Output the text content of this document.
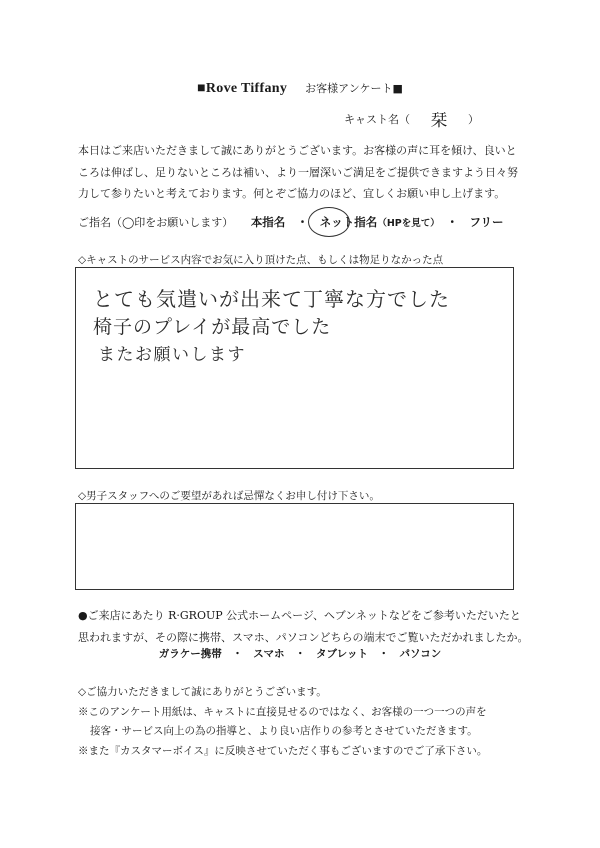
■Rove Tiffany お客様アンケート■
キャスト名（ 栞 ）
本日はご来店いただきまして誠にありがとうございます。お客様の声に耳を傾け、良いと
ころは伸ばし、足りないところは補い、より一層深いご満足をご提供できますよう日々努
力して参りたいと考えております。何とぞご協力のほど、宜しくお願い申し上げます。
ご指名（◯印をお願いします） 本指名　・　ネット指名（HPを見て）　 ・　フリー
◇キャストのサービス内容でお気に入り頂けた点、もしくは物足りなかった点
とても気遣いが出来て丁寧な方でした
椅子のプレイが最高でした
またお願いします
◇男子スタッフへのご要望があれば忌憚なくお申し付け下さい。
●ご来店にあたり R·GROUP 公式ホームページ、ヘブンネットなどをご参考いただいたと
思われますが、その際に携帯、スマホ、パソコンどちらの端末でご覧いただかれましたか。
ガラケー携帯　・　スマホ　・　タブレット　・　パソコン
◇ご協力いただきまして誠にありがとうございます。
※このアンケート用紙は、キャストに直接見せるのではなく、お客様の一つ一つの声を
接客・サービス向上の為の指導と、より良い店作りの参考とさせていただきます。
※また『カスタマーボイス』に反映させていただく事もございますのでご了承下さい。
